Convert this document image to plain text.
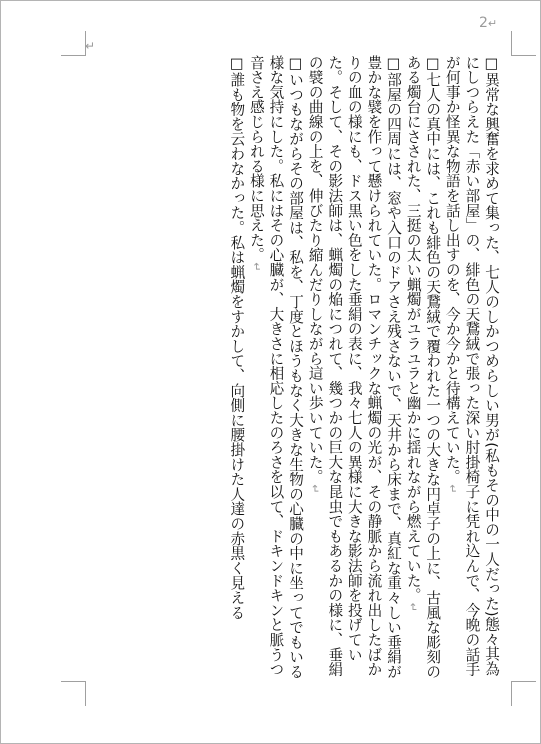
2↵
↵

□異常な興奮を求めて集った、七人のしかつめらしい男が(私もその中の一人だった)態々其為にしつらえた「赤い部屋」の、緋色の天鵞絨で張った深い肘掛椅子に凭れ込んで、今晩の話手が何事か怪異な物語を話し出すのを、今か今かと待構えていた。↵

□七人の真中には、これも緋色の天鵞絨で覆われた一つの大きな円卓子の上に、古風な彫刻のある燭台にさされた、三挺の太い蝋燭がユラユラと幽かに揺れながら燃えていた。↵

□部屋の四周には、窓や入口のドアさえ残さないで、天井から床まで、真紅な重々しい垂絹が豊かな襞を作って懸けられていた。ロマンチックな蝋燭の光が、その静脈から流れ出したばかりの血の様にも、ドス黒い色をした垂絹の表に、我々七人の異様に大きな影法師を投げていた。そして、その影法師は、蝋燭の焔につれて、幾つかの巨大な昆虫でもあるかの様に、垂絹の襞の曲線の上を、伸びたり縮んだりしながら這い歩いていた。↵

□いつもながらその部屋は、私を、丁度とほうもなく大きな生物の心臓の中に坐ってでもいる様な気持にした。私にはその心臓が、大きさに相応したのろさを以て、ドキンドキンと脈うつ音さえ感じられる様に思えた。↵

□誰も物を云わなかった。私は蝋燭をすかして、向側に腰掛けた人達の赤黒く見える
